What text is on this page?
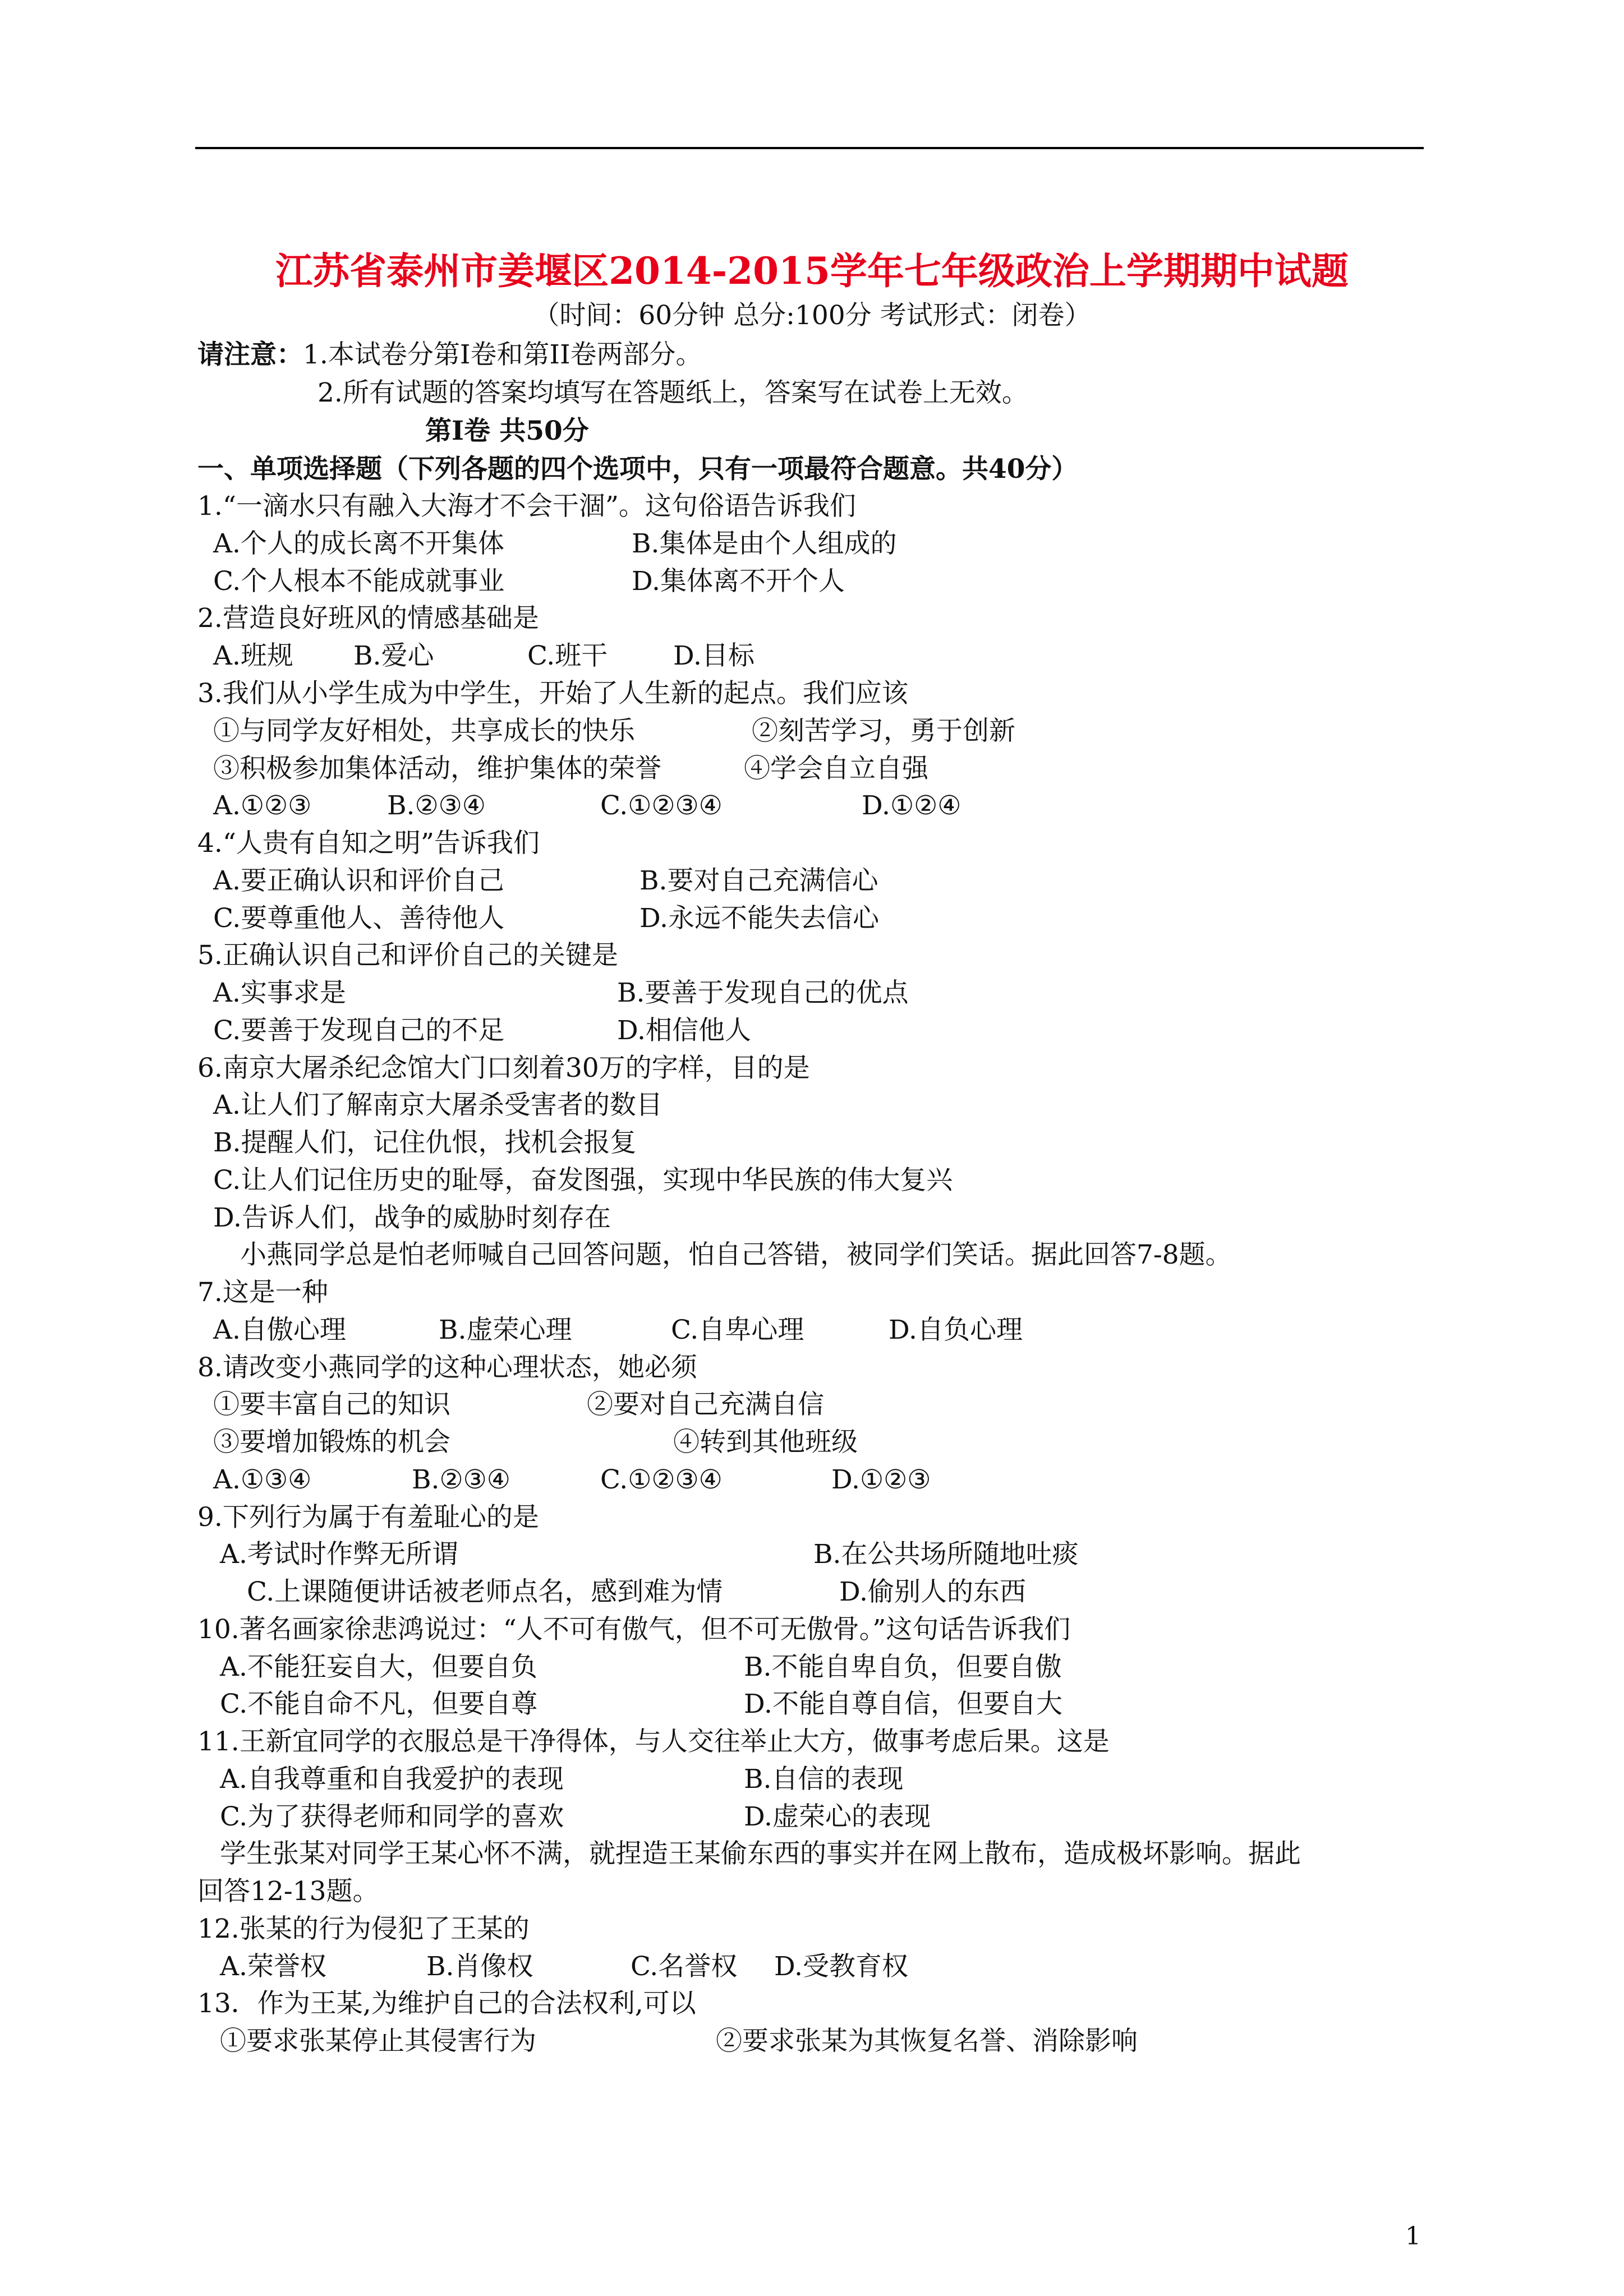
江苏省泰州市姜堰区2014-2015学年七年级政治上学期期中试题
（时间：60分钟 总分:100分 考试形式：闭卷）
请注意： 1.本试卷分第Ⅰ卷和第II卷两部分。
2.所有试题的答案均填写在答题纸上，答案写在试卷上无效。
第Ⅰ卷 共50分
一、单项选择题（下列各题的四个选项中，只有一项最符合题意。共40分）
1.“一滴水只有融入大海才不会干涸”。这句俗语告诉我们
A.个人的成长离不开集体	B.集体是由个人组成的
C.个人根本不能成就事业	D.集体离不开个人
2.营造良好班风的情感基础是
A.班规 B.爱心	C.班干 D.目标
3.我们从小学生成为中学生，开始了人生新的起点。我们应该
①与同学友好相处，共享成长的快乐	②刻苦学习，勇于创新
③积极参加集体活动，维护集体的荣誉	④学会自立自强
A.①②③	B.②③④	C.①②③④	D.①②④
4.“人贵有自知之明”告诉我们
A.要正确认识和评价自己	B.要对自己充满信心
C.要尊重他人、善待他人	D.永远不能失去信心
5.正确认识自己和评价自己的关键是
A.实事求是	B.要善于发现自己的优点
C.要善于发现自己的不足	D.相信他人
6.南京大屠杀纪念馆大门口刻着30万的字样，目的是
A.让人们了解南京大屠杀受害者的数目
B.提醒人们，记住仇恨，找机会报复
C.让人们记住历史的耻辱，奋发图强，实现中华民族的伟大复兴
D.告诉人们，战争的威胁时刻存在
小燕同学总是怕老师喊自己回答问题，怕自己答错，被同学们笑话。据此回答7-8题。
7.这是一种
A.自傲心理	B.虚荣心理	C.自卑心理	D.自负心理
8.请改变小燕同学的这种心理状态，她必须
①要丰富自己的知识	②要对自己充满自信
③要增加锻炼的机会	④转到其他班级
A.①③④	B.②③④	C.①②③④	D.①②③
9.下列行为属于有羞耻心的是
A.考试时作弊无所谓	B.在公共场所随地吐痰
C.上课随便讲话被老师点名，感到难为情	D.偷别人的东西
10.著名画家徐悲鸿说过：“人不可有傲气，但不可无傲骨。”这句话告诉我们
A.不能狂妄自大，但要自负	B.不能自卑自负，但要自傲
C.不能自命不凡，但要自尊	D.不能自尊自信，但要自大
11.王新宜同学的衣服总是干净得体，与人交往举止大方，做事考虑后果。这是
A.自我尊重和自我爱护的表现	B.自信的表现
C.为了获得老师和同学的喜欢	D.虚荣心的表现
学生张某对同学王某心怀不满，就捏造王某偷东西的事实并在网上散布，造成极坏影响。据此
回答12-13题。
12.张某的行为侵犯了王某的
A.荣誉权	B.肖像权	C.名誉权 D.受教育权
13．作为王某,为维护自己的合法权利,可以
①要求张某停止其侵害行为	②要求张某为其恢复名誉、消除影响
1
